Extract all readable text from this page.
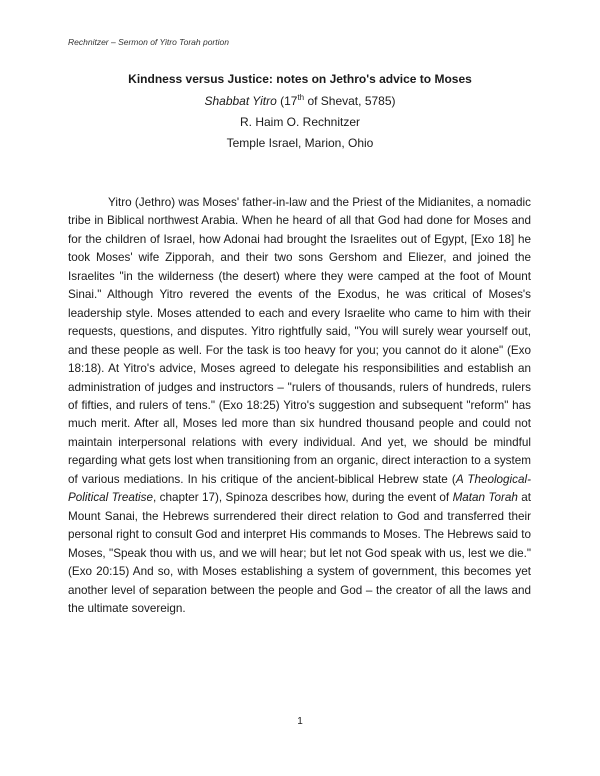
Rechnitzer – Sermon of Yitro Torah portion
Kindness versus Justice: notes on Jethro's advice to Moses
Shabbat Yitro (17th of Shevat, 5785)
R. Haim O. Rechnitzer
Temple Israel, Marion, Ohio

Yitro (Jethro) was Moses' father-in-law and the Priest of the Midianites, a nomadic tribe in Biblical northwest Arabia. When he heard of all that God had done for Moses and for the children of Israel, how Adonai had brought the Israelites out of Egypt, [Exo 18] he took Moses' wife Zipporah, and their two sons Gershom and Eliezer, and joined the Israelites "in the wilderness (the desert) where they were camped at the foot of Mount Sinai." Although Yitro revered the events of the Exodus, he was critical of Moses's leadership style. Moses attended to each and every Israelite who came to him with their requests, questions, and disputes. Yitro rightfully said, "You will surely wear yourself out, and these people as well. For the task is too heavy for you; you cannot do it alone" (Exo 18:18). At Yitro's advice, Moses agreed to delegate his responsibilities and establish an administration of judges and instructors – "rulers of thousands, rulers of hundreds, rulers of fifties, and rulers of tens." (Exo 18:25) Yitro's suggestion and subsequent "reform" has much merit. After all, Moses led more than six hundred thousand people and could not maintain interpersonal relations with every individual. And yet, we should be mindful regarding what gets lost when transitioning from an organic, direct interaction to a system of various mediations. In his critique of the ancient-biblical Hebrew state (A Theological-Political Treatise, chapter 17), Spinoza describes how, during the event of Matan Torah at Mount Sanai, the Hebrews surrendered their direct relation to God and transferred their personal right to consult God and interpret His commands to Moses. The Hebrews said to Moses, "Speak thou with us, and we will hear; but let not God speak with us, lest we die." (Exo 20:15) And so, with Moses establishing a system of government, this becomes yet another level of separation between the people and God – the creator of all the laws and the ultimate sovereign.

1
